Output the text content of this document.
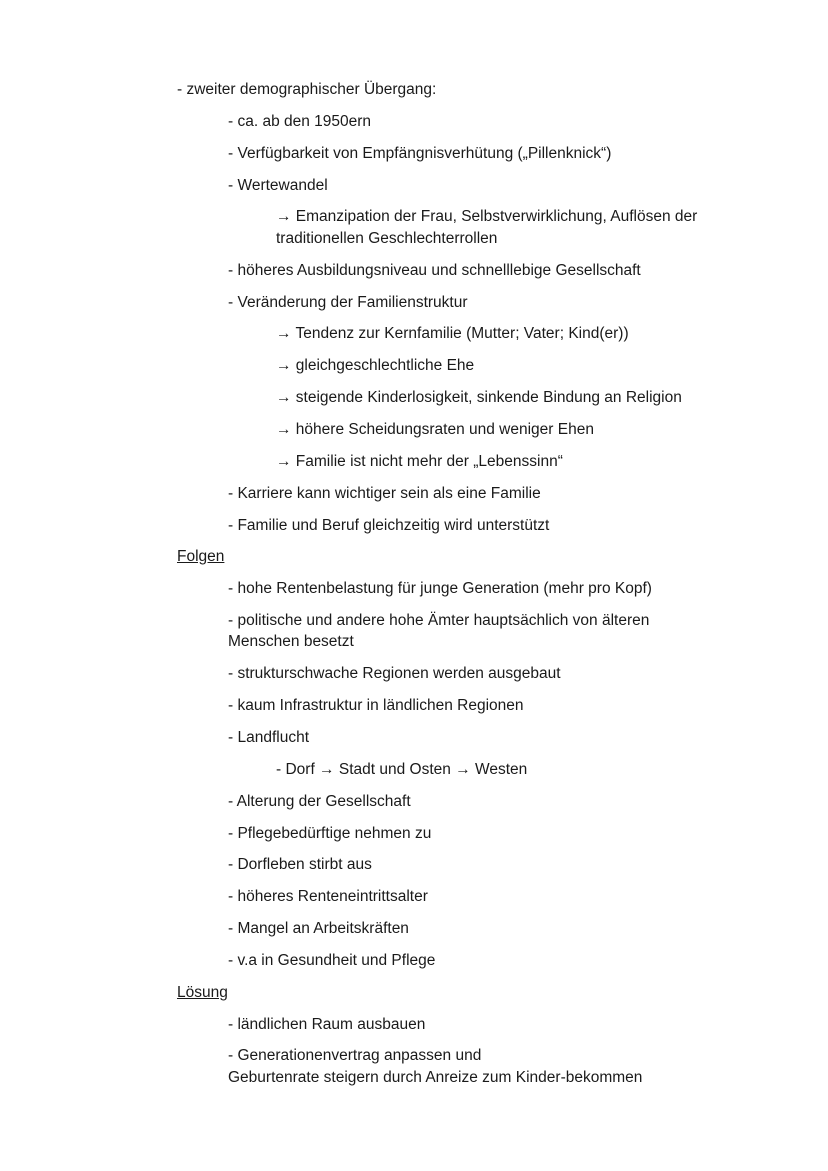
- zweiter demographischer Übergang:
- ca. ab den 1950ern
- Verfügbarkeit von Empfängnisverhütung („Pillenknick“)
- Wertewandel
→ Emanzipation der Frau, Selbstverwirklichung, Auflösen der
traditionellen Geschlechterrollen
- höheres Ausbildungsniveau und schnelllebige Gesellschaft
- Veränderung der Familienstruktur
→ Tendenz zur Kernfamilie (Mutter; Vater; Kind(er))
→ gleichgeschlechtliche Ehe
→ steigende Kinderlosigkeit, sinkende Bindung an Religion
→ höhere Scheidungsraten und weniger Ehen
→ Familie ist nicht mehr der „Lebenssinn“
- Karriere kann wichtiger sein als eine Familie
- Familie und Beruf gleichzeitig wird unterstützt
Folgen
- hohe Rentenbelastung für junge Generation (mehr pro Kopf)
- politische und andere hohe Ämter hauptsächlich von älteren
Menschen besetzt
- strukturschwache Regionen werden ausgebaut
- kaum Infrastruktur in ländlichen Regionen
- Landflucht
- Dorf → Stadt und Osten → Westen
- Alterung der Gesellschaft
- Pflegebedürftige nehmen zu
- Dorfleben stirbt aus
- höheres Renteneintrittsalter
- Mangel an Arbeitskräften
- v.a in Gesundheit und Pflege
Lösung
- ländlichen Raum ausbauen
- Generationenvertrag anpassen und
Geburtenrate steigern durch Anreize zum Kinder-bekommen
